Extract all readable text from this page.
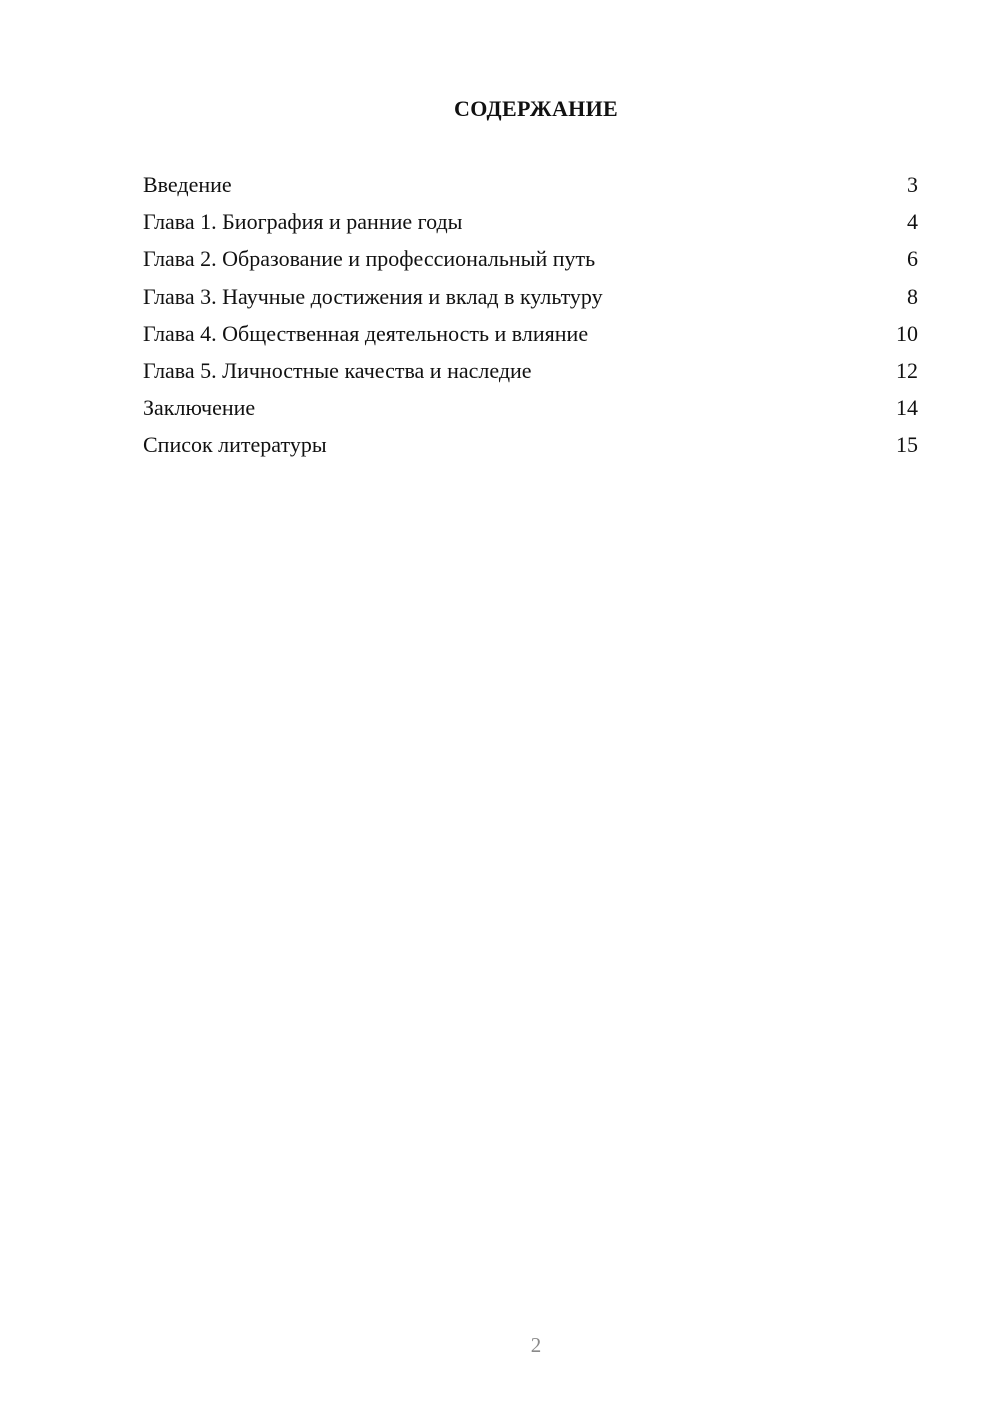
СОДЕРЖАНИЕ
Введение	3
Глава 1. Биография и ранние годы	4
Глава 2. Образование и профессиональный путь	6
Глава 3. Научные достижения и вклад в культуру	8
Глава 4. Общественная деятельность и влияние	10
Глава 5. Личностные качества и наследие	12
Заключение	14
Список литературы	15
2
